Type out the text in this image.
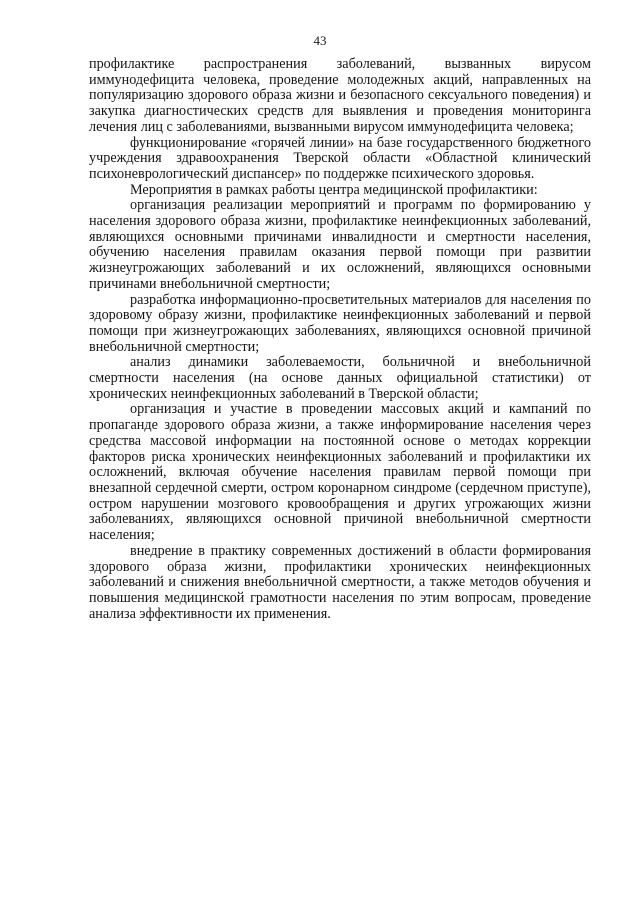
43

профилактике распространения заболеваний, вызванных вирусом иммунодефицита человека, проведение молодежных акций, направленных на популяризацию здорового образа жизни и безопасного сексуального поведения) и закупка диагностических средств для выявления и проведения мониторинга лечения лиц с заболеваниями, вызванными вирусом иммунодефицита человека;

функционирование «горячей линии» на базе государственного бюджетного учреждения здравоохранения Тверской области «Областной клинический психоневрологический диспансер» по поддержке психического здоровья.

Мероприятия в рамках работы центра медицинской профилактики:

организация реализации мероприятий и программ по формированию у населения здорового образа жизни, профилактике неинфекционных заболеваний, являющихся основными причинами инвалидности и смертности населения, обучению населения правилам оказания первой помощи при развитии жизнеугрожающих заболеваний и их осложнений, являющихся основными причинами внебольничной смертности;

разработка информационно-просветительных материалов для населения по здоровому образу жизни, профилактике неинфекционных заболеваний и первой помощи при жизнеугрожающих заболеваниях, являющихся основной причиной внебольничной смертности;

анализ динамики заболеваемости, больничной и внебольничной смертности населения (на основе данных официальной статистики) от хронических неинфекционных заболеваний в Тверской области;

организация и участие в проведении массовых акций и кампаний по пропаганде здорового образа жизни, а также информирование населения через средства массовой информации на постоянной основе о методах коррекции факторов риска хронических неинфекционных заболеваний и профилактики их осложнений, включая обучение населения правилам первой помощи при внезапной сердечной смерти, остром коронарном синдроме (сердечном приступе), остром нарушении мозгового кровообращения и других угрожающих жизни заболеваниях, являющихся основной причиной внебольничной смертности населения;

внедрение в практику современных достижений в области формирования здорового образа жизни, профилактики хронических неинфекционных заболеваний и снижения внебольничной смертности, а также методов обучения и повышения медицинской грамотности населения по этим вопросам, проведение анализа эффективности их применения.
